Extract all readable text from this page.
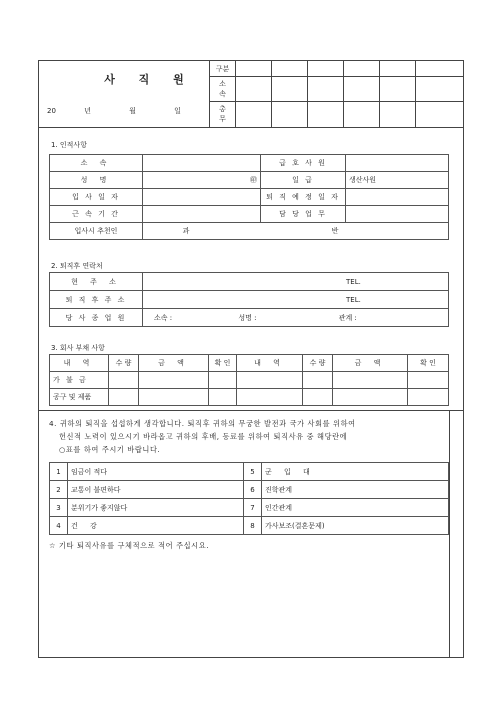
사 직 원
20	년	월	일
구분
소속
총무
1. 인적사항
소 속		급 호 사 원	
성 명	㊞	일 급	생산사원
입 사 일 자		퇴 직 예 정 일 자	
근 속 기 간		담 당 업 무	
입사시 추천인	과 반		
2. 퇴직후 연락처
현 주 소	TEL.
퇴 직 후 주 소	TEL.
당 사 종 업 원	소속 : 성명 : 관계 :
3. 회사 부채 사항
내 역	수 량	금 액	확 인	내 역	수 량	금 액	확 인
가 불 금							
공구 및 제품							
4. 귀하의 퇴직을 섭섭하게 생각합니다. 퇴직후 귀하의 무궁한 발전과 국가 사회를 위하여
헌신적 노력이 있으시기 바라옵고 귀하의 후배, 동료를 위하여 퇴직사유 중 해당란에
○표를 하여 주시기 바랍니다.
1	임금이 적다	5	군 입 대
2	교통이 불편하다	6	진학관계
3	분위기가 좋지않다	7	인간관계
4	건 강	8	가사보조(결혼문제)
☆ 기타 퇴직사유를 구체적으로 적어 주십시요.
